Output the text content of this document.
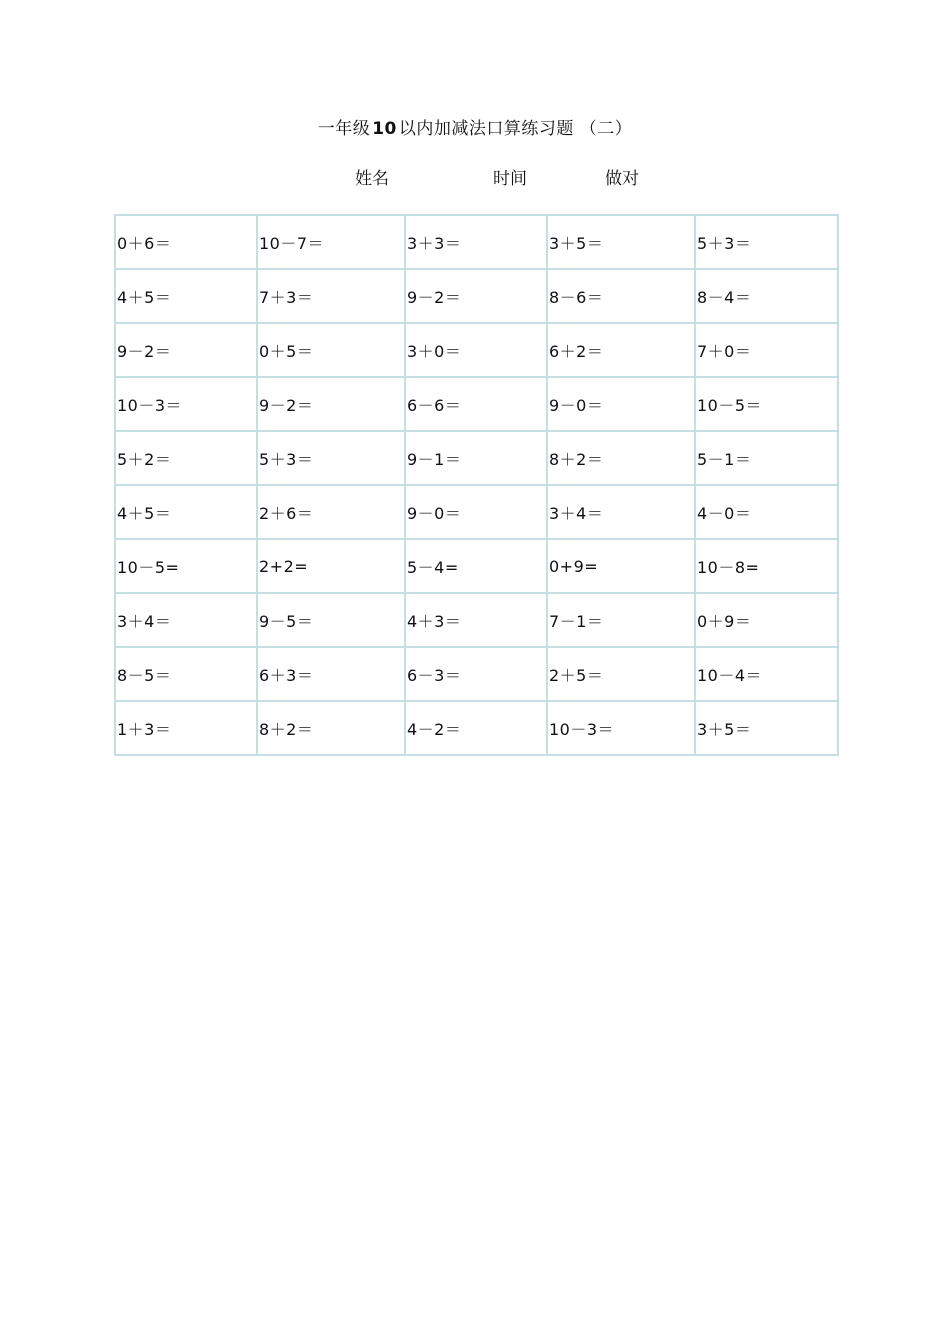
一年级 10 以内加减法口算练习题 （二）
姓名	时间	做对
0＋6＝	10－7＝	3＋3＝	3＋5＝	5＋3＝
4＋5＝	7＋3＝	9－2＝	8－6＝	8－4＝
9－2＝	0＋5＝	3＋0＝	6＋2＝	7＋0＝
10－3＝	9－2＝	6－6＝	9－0＝	10－5＝
5＋2＝	5＋3＝	9－1＝	8＋2＝	5－1＝
4＋5＝	2＋6＝	9－0＝	3＋4＝	4－0＝
10－5=	2+2=	5－4=	0+9=	10－8=
3＋4＝	9－5＝	4＋3＝	7－1＝	0＋9＝
8－5＝	6＋3＝	6－3＝	2＋5＝	10－4＝
1＋3＝	8＋2＝	4－2＝	10－3＝	3＋5＝
